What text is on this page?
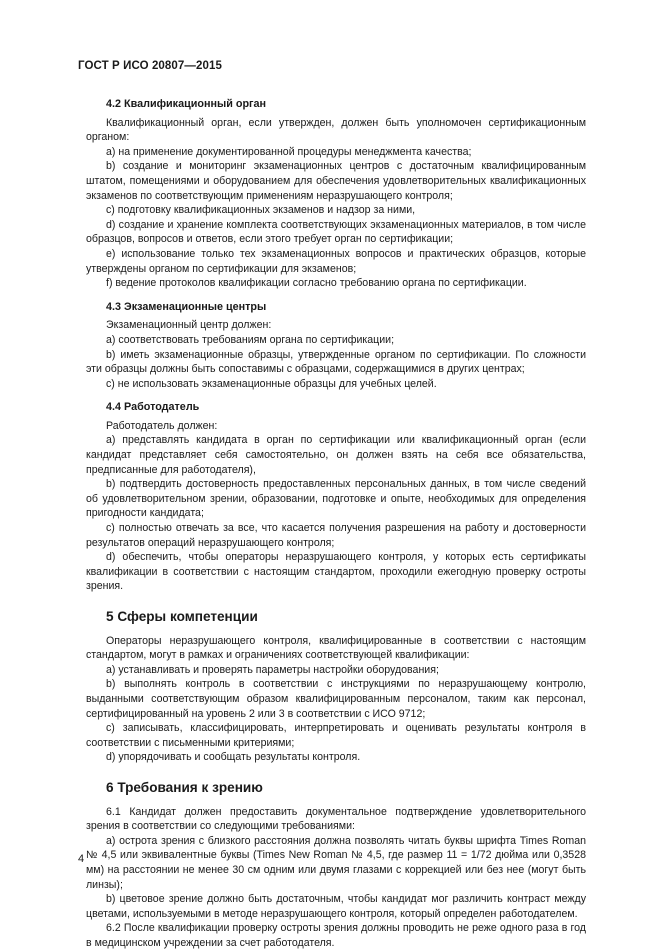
ГОСТ Р ИСО 20807—2015
4.2 Квалификационный орган

Квалификационный орган, если утвержден, должен быть уполномочен сертификационным органом:

a) на применение документированной процедуры менеджмента качества;

b) создание и мониторинг экзаменационных центров с достаточным квалифицированным штатом, помещениями и оборудованием для обеспечения удовлетворительных квалификационных экзаменов по соответствующим применениям неразрушающего контроля;

c) подготовку квалификационных экзаменов и надзор за ними,

d) создание и хранение комплекта соответствующих экзаменационных материалов, в том числе образцов, вопросов и ответов, если этого требует орган по сертификации;

e) использование только тех экзаменационных вопросов и практических образцов, которые утверждены органом по сертификации для экзаменов;

f) ведение протоколов квалификации согласно требованию органа по сертификации.

4.3 Экзаменационные центры

Экзаменационный центр должен:

a) соответствовать требованиям органа по сертификации;

b) иметь экзаменационные образцы, утвержденные органом по сертификации. По сложности эти образцы должны быть сопоставимы с образцами, содержащимися в других центрах;

c) не использовать экзаменационные образцы для учебных целей.

4.4 Работодатель

Работодатель должен:

a) представлять кандидата в орган по сертификации или квалификационный орган (если кандидат представляет себя самостоятельно, он должен взять на себя все обязательства, предписанные для работодателя),

b) подтвердить достоверность предоставленных персональных данных, в том числе сведений об удовлетворительном зрении, образовании, подготовке и опыте, необходимых для определения пригодности кандидата;

c) полностью отвечать за все, что касается получения разрешения на работу и достоверности результатов операций неразрушающего контроля;

d) обеспечить, чтобы операторы неразрушающего контроля, у которых есть сертификаты квалификации в соответствии с настоящим стандартом, проходили ежегодную проверку остроты зрения.

5 Сферы компетенции

Операторы неразрушающего контроля, квалифицированные в соответствии с настоящим стандартом, могут в рамках и ограничениях соответствующей квалификации:

a) устанавливать и проверять параметры настройки оборудования;

b) выполнять контроль в соответствии с инструкциями по неразрушающему контролю, выданными соответствующим образом квалифицированным персоналом, таким как персонал, сертифицированный на уровень 2 или 3 в соответствии с ИСО 9712;

c) записывать, классифицировать, интерпретировать и оценивать результаты контроля в соответствии с письменными критериями;

d) упорядочивать и сообщать результаты контроля.

6 Требования к зрению

6.1 Кандидат должен предоставить документальное подтверждение удовлетворительного зрения в соответствии со следующими требованиями:

a) острота зрения с близкого расстояния должна позволять читать буквы шрифта Times Roman № 4,5 или эквивалентные буквы (Times New Roman № 4,5, где размер 11 = 1/72 дюйма или 0,3528 мм) на расстоянии не менее 30 см одним или двумя глазами с коррекцией или без нее (могут быть линзы);

b) цветовое зрение должно быть достаточным, чтобы кандидат мог различить контраст между цветами, используемыми в методе неразрушающего контроля, который определен работодателем.

6.2 После квалификации проверку остроты зрения должны проводить не реже одного раза в год в медицинском учреждении за счет работодателя.

4
